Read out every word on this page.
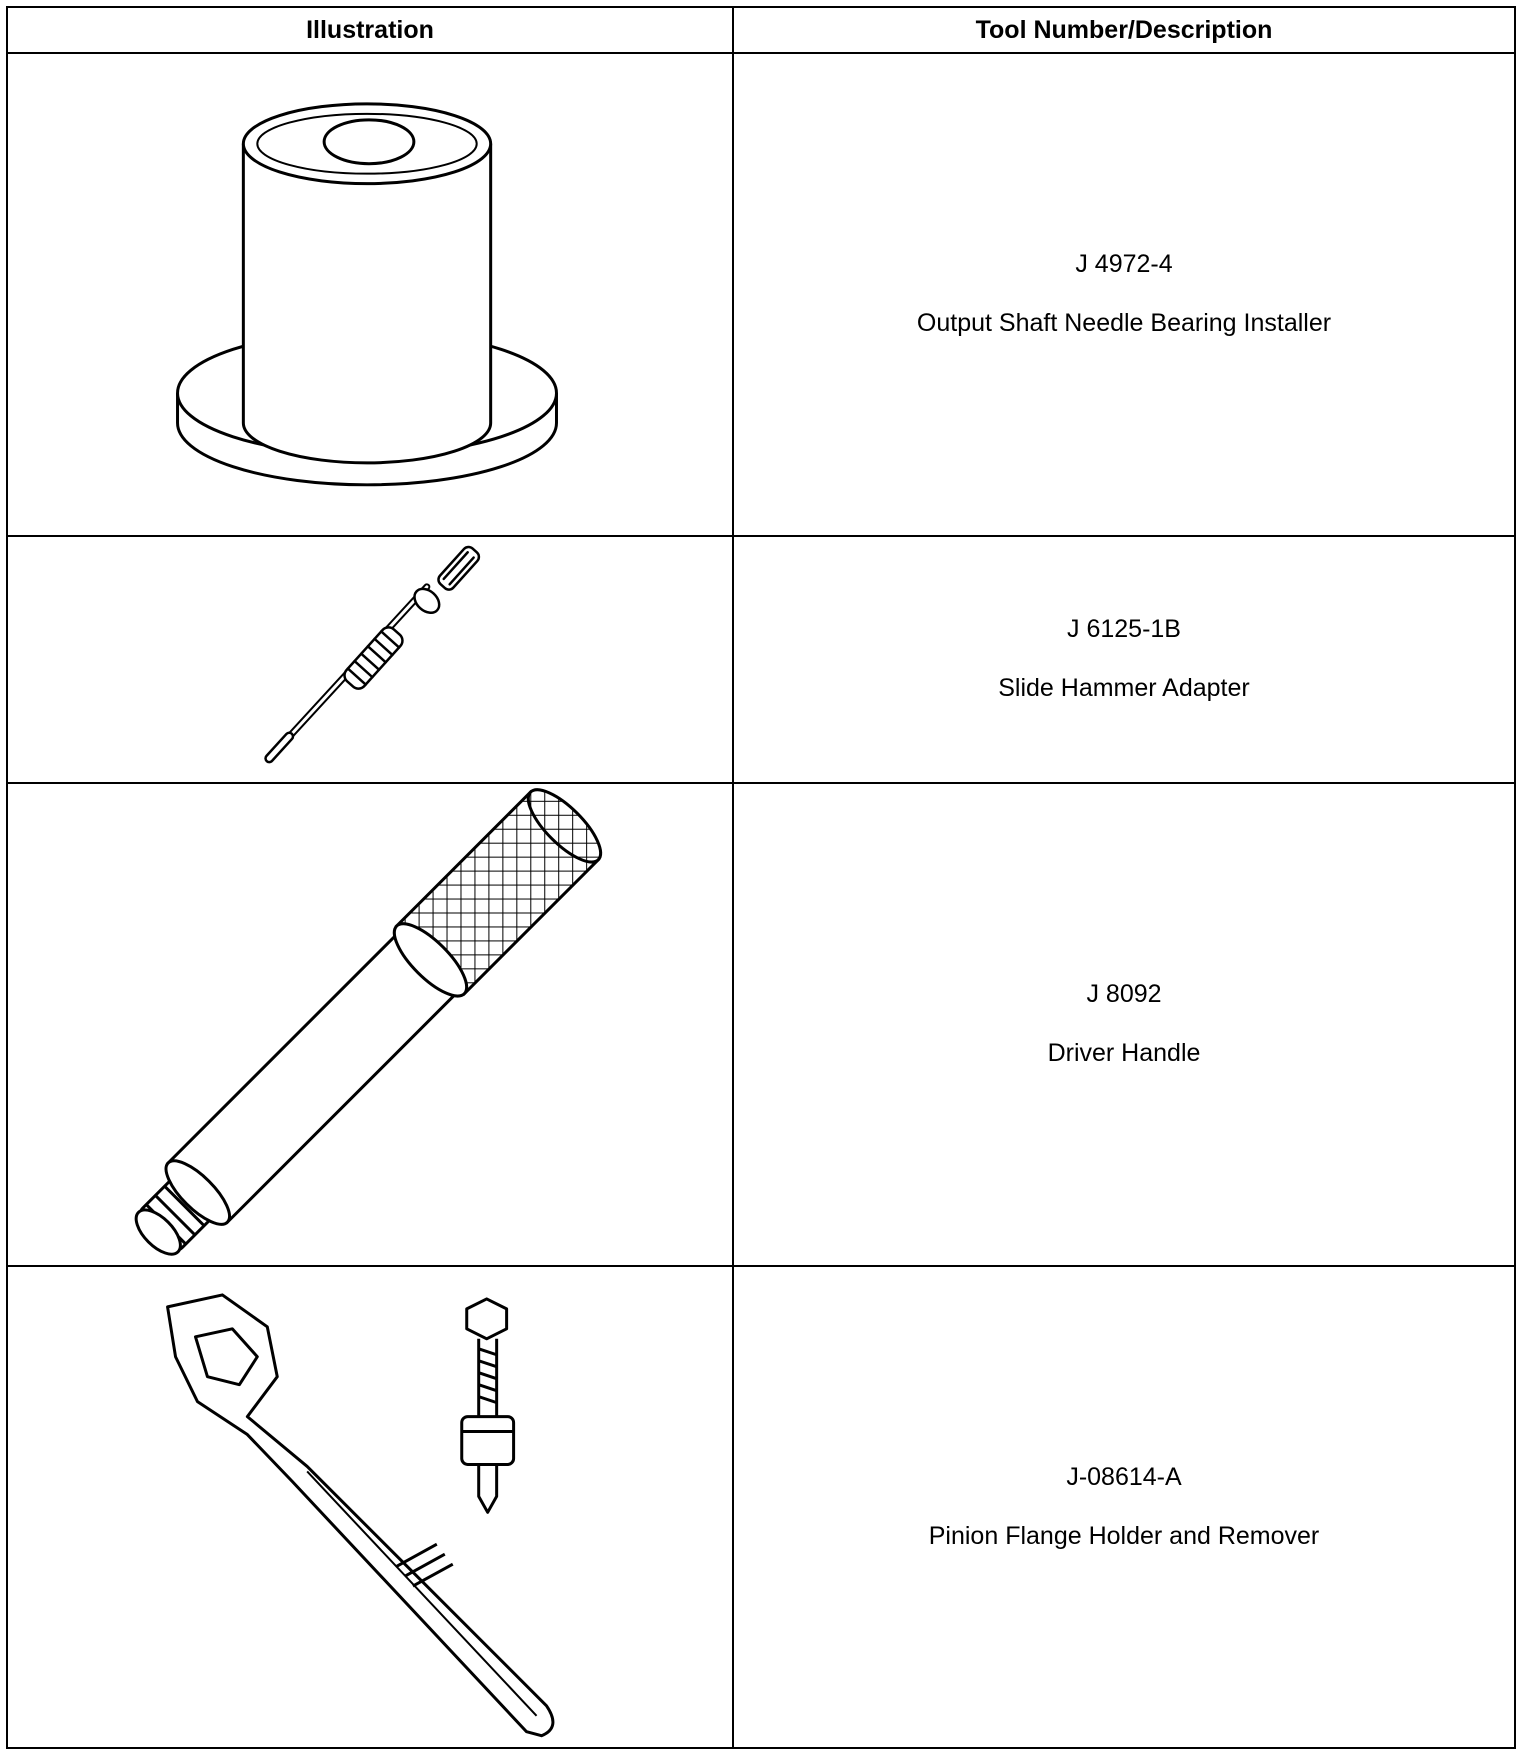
Illustration	Tool Number/Description

J 4972-4
Output Shaft Needle Bearing Installer

J 6125-1B
Slide Hammer Adapter

J 8092
Driver Handle

J-08614-A
Pinion Flange Holder and Remover
